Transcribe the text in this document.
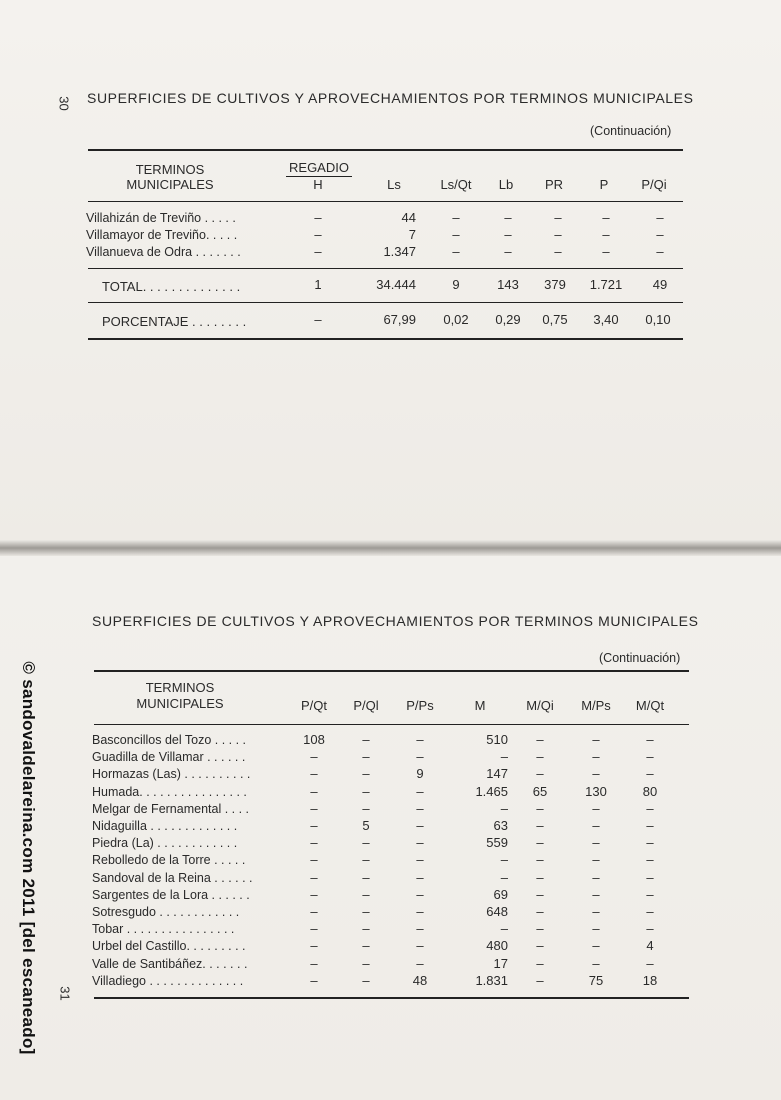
30 SUPERFICIES DE CULTIVOS Y APROVECHAMIENTOS POR TERMINOS MUNICIPALES
(Continuación)
TERMINOS
MUNICIPALES
REGADIO
H	Ls	Ls/Qt	Lb	PR	P	P/Qi
Villahizán de Treviño . . . . .	–	44	–	–	–	–	–
Villamayor de Treviño. . . . .	–	7	–	–	–	–	–
Villanueva de Odra . . . . . . .	–	1.347	–	–	–	–	–
TOTAL. . . . . . . . . . . . . .	1	34.444	9	143	379	1.721	49
PORCENTAJE . . . . . . . .	–	67,99	0,02	0,29	0,75	3,40	0,10
SUPERFICIES DE CULTIVOS Y APROVECHAMIENTOS POR TERMINOS MUNICIPALES
(Continuación)
TERMINOS
MUNICIPALES	P/Qt	P/Ql	P/Ps	M	M/Qi	M/Ps	M/Qt
Basconcillos del Tozo . . . . .	108	–	–	510	–	–	–
Guadilla de Villamar . . . . . .	–	–	–	–	–	–	–
Hormazas (Las) . . . . . . . . . .	–	–	9	147	–	–	–
Humada. . . . . . . . . . . . . . . .	–	–	–	1.465	65	130	80
Melgar de Fernamental . . . .	–	–	–	–	–	–	–
Nidaguilla . . . . . . . . . . . . .	–	5	–	63	–	–	–
Piedra (La) . . . . . . . . . . . .	–	–	–	559	–	–	–
Rebolledo de la Torre . . . . .	–	–	–	–	–	–	–
Sandoval de la Reina . . . . . .	–	–	–	–	–	–	–
Sargentes de la Lora . . . . . .	–	–	–	69	–	–	–
Sotresgudo . . . . . . . . . . . .	–	–	–	648	–	–	–
Tobar . . . . . . . . . . . . . . . .	–	–	–	–	–	–	–
Urbel del Castillo. . . . . . . . .	–	–	–	480	–	–	4
Valle de Santibáñez. . . . . . .	–	–	–	17	–	–	–
Villadiego . . . . . . . . . . . . . .	–	–	48	1.831	–	75	18
31
© sandovaldelareina.com 2011 [del escaneado]
